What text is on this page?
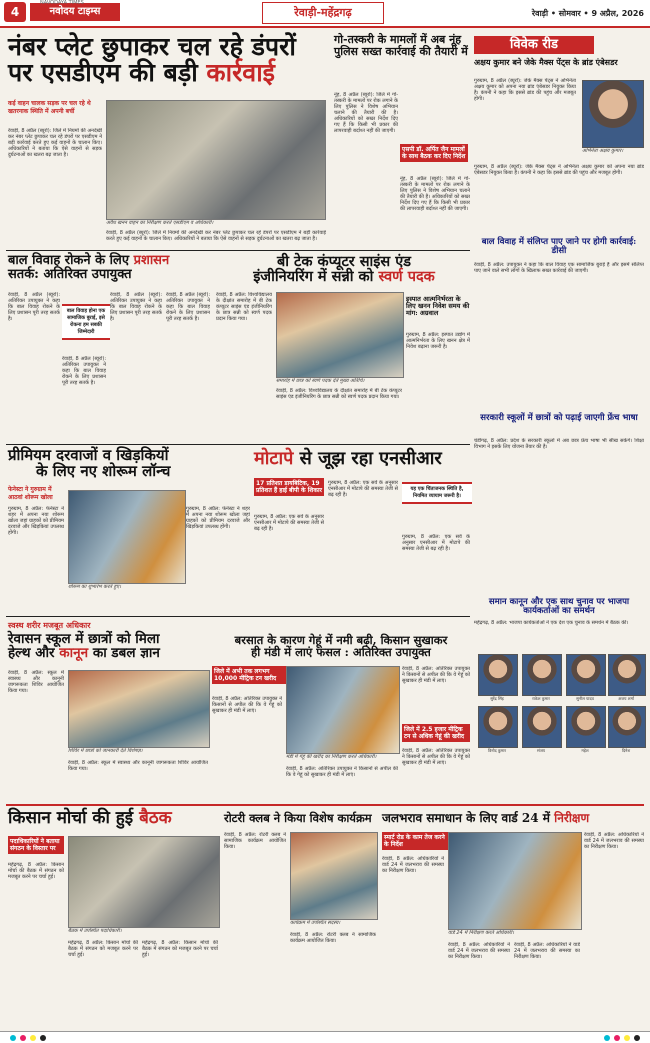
4	नवोदय टाइम्स
NAVODAYA TIMES
रेवाड़ी-महेंद्रगढ़	रेवाड़ी • सोमवार • 9 अप्रैल, 2026
नंबर प्लेट छुपाकर चल रहे डंपरों
पर एसडीएम की बड़ी कार्रवाई
कई वाहन चालक सड़क पर चल रहे थे खतरनाक स्थिति में अपनी बचीं
रेवाड़ी, 8 अप्रैल (ब्यूरो): जिले में नियमों की अनदेखी कर नंबर प्लेट छुपाकर चल रहे डंपरों पर एसडीएम ने बड़ी कार्रवाई करते हुए कई वाहनों के चालान किए। अधिकारियों ने बताया कि ऐसे वाहनों से सड़क दुर्घटनाओं का खतरा बढ़ जाता है।
अवैध खनन वाहन का निरीक्षण करते एसडीएम व अधिकारी।
रेवाड़ी, 8 अप्रैल (ब्यूरो): जिले में नियमों की अनदेखी कर नंबर प्लेट छुपाकर चल रहे डंपरों पर एसडीएम ने बड़ी कार्रवाई करते हुए कई वाहनों के चालान किए। अधिकारियों ने बताया कि ऐसे वाहनों से सड़क दुर्घटनाओं का खतरा बढ़ जाता है।
गो-तस्करी के मामलों में अब नूंह पुलिस सख्त कार्रवाई की तैयारी में
नूंह, 8 अप्रैल (ब्यूरो): जिले में गो-तस्करी के मामलों पर रोक लगाने के लिए पुलिस ने विशेष अभियान चलाने की तैयारी की है। अधिकारियों को सख्त निर्देश दिए गए हैं कि किसी भी प्रकार की लापरवाही बर्दाश्त नहीं की जाएगी।
एसपी डॉ. अर्पित जैन मामलों के साथ बैठक कर दिए निर्देश
नूंह, 8 अप्रैल (ब्यूरो): जिले में गो-तस्करी के मामलों पर रोक लगाने के लिए पुलिस ने विशेष अभियान चलाने की तैयारी की है। अधिकारियों को सख्त निर्देश दिए गए हैं कि किसी भी प्रकार की लापरवाही बर्दाश्त नहीं की जाएगी।
विवेक रीड
अक्षय कुमार बने जेके मैक्स पेंट्स के ब्रांड एंबेसडर
गुरुग्राम, 8 अप्रैल (ब्यूरो): जेके मैक्स पेंट्स ने अभिनेता अक्षय कुमार को अपना नया ब्रांड एंबेसडर नियुक्त किया है। कंपनी ने कहा कि इससे ब्रांड की पहुंच और मजबूत होगी।
अभिनेता अक्षय कुमार।
गुरुग्राम, 8 अप्रैल (ब्यूरो): जेके मैक्स पेंट्स ने अभिनेता अक्षय कुमार को अपना नया ब्रांड एंबेसडर नियुक्त किया है। कंपनी ने कहा कि इससे ब्रांड की पहुंच और मजबूत होगी।
बाल विवाह में संलिप्त पाए जाने पर होगी कार्रवाई: डीसी
रेवाड़ी, 8 अप्रैल: उपायुक्त ने कहा कि बाल विवाह एक सामाजिक बुराई है और इसमें संलिप्त पाए जाने वाले सभी लोगों के खिलाफ सख्त कार्रवाई की जाएगी।
सरकारी स्कूलों में छात्रों को पढ़ाई जाएगी फ्रेंच भाषा
चंडीगढ़, 8 अप्रैल: प्रदेश के सरकारी स्कूलों में अब छात्र फ्रेंच भाषा भी सीख सकेंगे। शिक्षा विभाग ने इसके लिए योजना तैयार की है।
समान कानून और एक साथ चुनाव पर भाजपा कार्यकर्ताओं का समर्थन
महेंद्रगढ़, 8 अप्रैल: भाजपा कार्यकर्ताओं ने एक देश एक चुनाव के समर्थन में बैठक की।
सुरेंद्र सिंह	राकेश कुमार	सुनील यादव	अजय शर्मा
विनोद कुमार	संजय	महेश	दिनेश
बाल विवाह रोकने के लिए प्रशासन
सतर्क: अतिरिक्त उपायुक्त
रेवाड़ी, 8 अप्रैल (ब्यूरो): अतिरिक्त उपायुक्त ने कहा कि बाल विवाह रोकने के लिए प्रशासन पूरी तरह सतर्क है।
बाल विवाह होना एक सामाजिक बुराई, इसे रोकना हम सबकी जिम्मेदारी
रेवाड़ी, 8 अप्रैल (ब्यूरो): अतिरिक्त उपायुक्त ने कहा कि बाल विवाह रोकने के लिए प्रशासन पूरी तरह सतर्क है।
रेवाड़ी, 8 अप्रैल (ब्यूरो): अतिरिक्त उपायुक्त ने कहा कि बाल विवाह रोकने के लिए प्रशासन पूरी तरह सतर्क है।
रेवाड़ी, 8 अप्रैल (ब्यूरो): अतिरिक्त उपायुक्त ने कहा कि बाल विवाह रोकने के लिए प्रशासन पूरी तरह सतर्क है।
बी टेक कंप्यूटर साइंस एंड
इंजीनियरिंग में सन्नी को स्वर्ण पदक
रेवाड़ी, 8 अप्रैल: विश्वविद्यालय के दीक्षांत समारोह में बी टेक कंप्यूटर साइंस एंड इंजीनियरिंग के छात्र सन्नी को स्वर्ण पदक प्रदान किया गया।
समारोह में छात्र को स्वर्ण पदक देते मुख्य अतिथि।
रेवाड़ी, 8 अप्रैल: विश्वविद्यालय के दीक्षांत समारोह में बी टेक कंप्यूटर साइंस एंड इंजीनियरिंग के छात्र सन्नी को स्वर्ण पदक प्रदान किया गया।
इस्पात आत्मनिर्भरता के लिए खनन निवेश समय की मांग: अग्रवाल
गुरुग्राम, 8 अप्रैल: इस्पात उद्योग में आत्मनिर्भरता के लिए खनन क्षेत्र में निवेश बढ़ाना जरूरी है।
प्रीमियम दरवाजों व खिड़कियों
के लिए नए शोरूम लॉन्च
फेनेस्टा ने गुरुग्राम में आठवां शोरूम खोला
गुरुग्राम, 8 अप्रैल: फेनेस्टा ने शहर में अपना नया शोरूम खोला जहां ग्राहकों को प्रीमियम दरवाजे और खिड़कियां उपलब्ध होंगी।
शोरूम का शुभारंभ करते हुए।
गुरुग्राम, 8 अप्रैल: फेनेस्टा ने शहर में अपना नया शोरूम खोला जहां ग्राहकों को प्रीमियम दरवाजे और खिड़कियां उपलब्ध होंगी।
मोटापे से जूझ रहा एनसीआर
17 प्रतिशत डायबिटिक, 19 प्रतिशत हैं हाई बीपी के शिकार
गुरुग्राम, 8 अप्रैल: एक सर्वे के अनुसार एनसीआर में मोटापे की समस्या तेजी से बढ़ रही है।
गुरुग्राम, 8 अप्रैल: एक सर्वे के अनुसार एनसीआर में मोटापे की समस्या तेजी से बढ़ रही है।
यह एक चिंताजनक स्थिति है, नियमित व्यायाम जरूरी है।
गुरुग्राम, 8 अप्रैल: एक सर्वे के अनुसार एनसीआर में मोटापे की समस्या तेजी से बढ़ रही है।
स्वस्थ शरीर मजबूत अधिकार
रेवासन स्कूल में छात्रों को मिला
हेल्थ और कानून का डबल ज्ञान
रेवाड़ी, 8 अप्रैल: स्कूल में स्वास्थ्य और कानूनी जागरूकता शिविर आयोजित किया गया।
शिविर में छात्रों को जानकारी देते विशेषज्ञ।
रेवाड़ी, 8 अप्रैल: स्कूल में स्वास्थ्य और कानूनी जागरूकता शिविर आयोजित किया गया।
बरसात के कारण गेहूं में नमी बढ़ी, किसान सुखाकर
ही मंडी में लाएं फसल : अतिरिक्त उपायुक्त
जिले में अभी तक लगभग 10,000 मीट्रिक टन खरीद
रेवाड़ी, 8 अप्रैल: अतिरिक्त उपायुक्त ने किसानों से अपील की कि वे गेहूं को सुखाकर ही मंडी में लाएं।
मंडी में गेहूं की खरीद का निरीक्षण करते अधिकारी।
रेवाड़ी, 8 अप्रैल: अतिरिक्त उपायुक्त ने किसानों से अपील की कि वे गेहूं को सुखाकर ही मंडी में लाएं।
रेवाड़ी, 8 अप्रैल: अतिरिक्त उपायुक्त ने किसानों से अपील की कि वे गेहूं को सुखाकर ही मंडी में लाएं।
जिले में 2.5 हजार मीट्रिक टन से अधिक गेहूं की खरीद
रेवाड़ी, 8 अप्रैल: अतिरिक्त उपायुक्त ने किसानों से अपील की कि वे गेहूं को सुखाकर ही मंडी में लाएं।
किसान मोर्चा की हुई बैठक
पदाधिकारियों ने बताया संगठन के विस्तार पर
महेंद्रगढ़, 8 अप्रैल: किसान मोर्चा की बैठक में संगठन को मजबूत करने पर चर्चा हुई।
बैठक में उपस्थित पदाधिकारी।
महेंद्रगढ़, 8 अप्रैल: किसान मोर्चा की बैठक में संगठन को मजबूत करने पर चर्चा हुई।
महेंद्रगढ़, 8 अप्रैल: किसान मोर्चा की बैठक में संगठन को मजबूत करने पर चर्चा हुई।
रोटरी क्लब ने किया विशेष कार्यक्रम
रेवाड़ी, 8 अप्रैल: रोटरी क्लब ने सामाजिक कार्यक्रम आयोजित किया।
कार्यक्रम में उपस्थित सदस्य।
रेवाड़ी, 8 अप्रैल: रोटरी क्लब ने सामाजिक कार्यक्रम आयोजित किया।
जलभराव समाधान के लिए वार्ड 24 में निरीक्षण
स्मार्ट रोड के काम तेज करने के निर्देश
रेवाड़ी, 8 अप्रैल: अधिकारियों ने वार्ड 24 में जलभराव की समस्या का निरीक्षण किया।
वार्ड 24 में निरीक्षण करते अधिकारी।
रेवाड़ी, 8 अप्रैल: अधिकारियों ने वार्ड 24 में जलभराव की समस्या का निरीक्षण किया।
रेवाड़ी, 8 अप्रैल: अधिकारियों ने वार्ड 24 में जलभराव की समस्या का निरीक्षण किया।
रेवाड़ी, 8 अप्रैल: अधिकारियों ने वार्ड 24 में जलभराव की समस्या का निरीक्षण किया।
